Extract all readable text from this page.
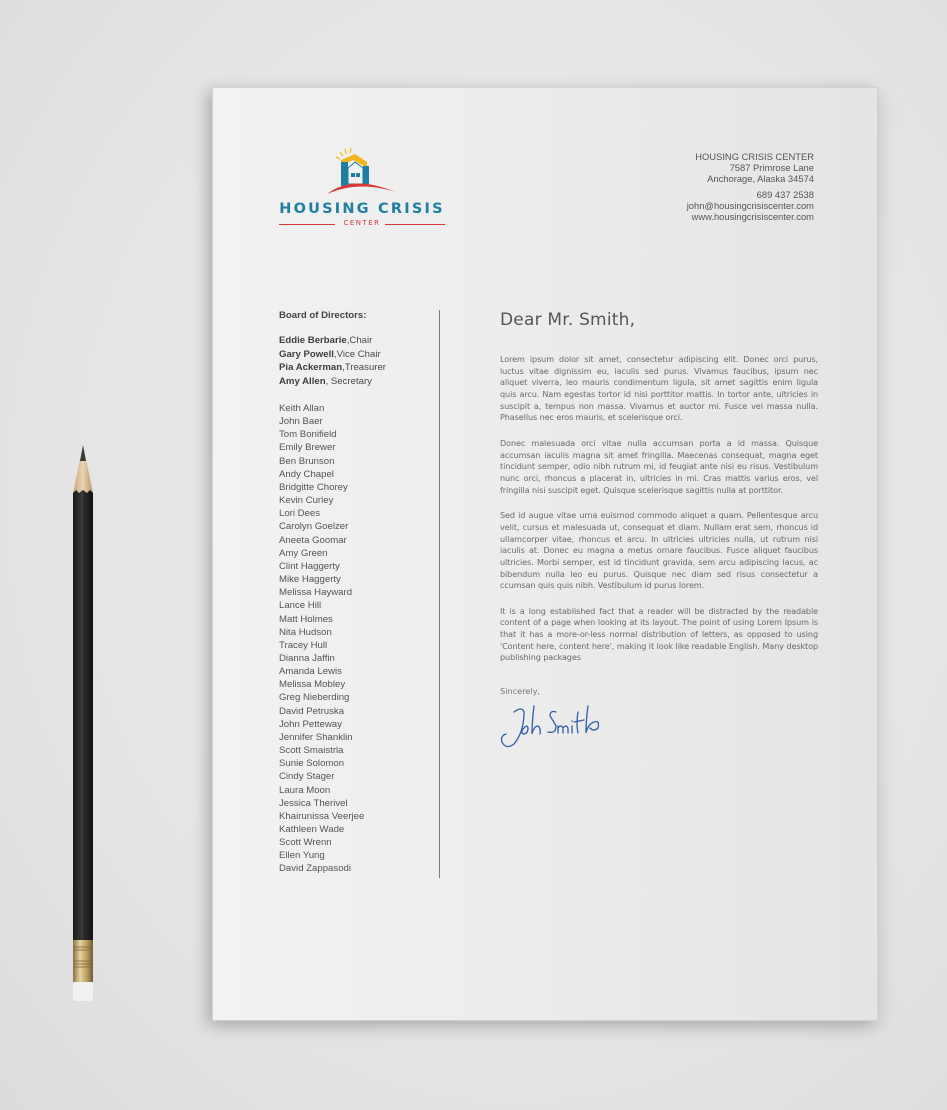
HOUSING CRISIS
CENTER
HOUSING CRISIS CENTER
7587 Primrose Lane
Anchorage, Alaska 34574
689 437 2538
john@housingcrisiscenter.com
www.housingcrisiscenter.com
Board of Directors:
Eddie Berbarie,Chair
Gary Powell,Vice Chair
Pia Ackerman,Treasurer
Amy Allen, Secretary
Keith Allan
John Baer
Tom Bonifield
Emily Brewer
Ben Brunson
Andy Chapel
Bridgitte Chorey
Kevin Curley
Lori Dees
Carolyn Goelzer
Aneeta Goomar
Amy Green
Clint Haggerty
Mike Haggerty
Melissa Hayward
Lance Hill
Matt Holmes
Nita Hudson
Tracey Hull
Dianna Jaffin
Amanda Lewis
Melissa Mobley
Greg Nieberding
David Petruska
John Petteway
Jennifer Shanklin
Scott Smaistrla
Sunie Solomon
Cindy Stager
Laura Moon
Jessica Therivel
Khairunissa Veerjee
Kathleen Wade
Scott Wrenn
Ellen Yung
David Zappasodi
Dear Mr. Smith,

Lorem ipsum dolor sit amet, consectetur adipiscing elit. Donec orci purus, luctus vitae dignissim eu, iaculis sed purus. Vivamus faucibus, ipsum nec aliquet viverra, leo mauris condimentum ligula, sit amet sagittis enim ligula quis arcu. Nam egestas tortor id nisi porttitor mattis. In tortor ante, ultricies in suscipit a, tempus non massa. Vivamus et auctor mi. Fusce vel massa nulla. Phasellus nec eros mauris, et scelerisque orci.

Donec malesuada orci vitae nulla accumsan porta a id massa. Quisque accumsan iaculis magna sit amet fringilla. Maecenas consequat, magna eget tincidunt semper, odio nibh rutrum mi, id feugiat ante nisi eu risus. Vestibulum nunc orci, rhoncus a placerat in, ultricies in mi. Cras mattis varius eros, vel fringilla nisi suscipit eget. Quisque scelerisque sagittis nulla at porttitor.

Sed id augue vitae urna euismod commodo aliquet a quam. Pellentesque arcu velit, cursus et malesuada ut, consequat et diam. Nullam erat sem, rhoncus id ullamcorper vitae, rhoncus et arcu. In ultricies ultricies nulla, ut rutrum nisi iaculis at. Donec eu magna a metus ornare faucibus. Fusce aliquet faucibus ultricies. Morbi semper, est id tincidunt gravida, sem arcu adipiscing lacus, ac bibendum nulla leo eu purus. Quisque nec diam sed risus consectetur a ccumsan quis quis nibh. Vestibulum id purus lorem.

It is a long established fact that a reader will be distracted by the readable content of a page when looking at its layout. The point of using Lorem Ipsum is that it has a more-or-less normal distribution of letters, as opposed to using 'Content here, content here', making it look like readable English. Many desktop publishing packages

Sincerely,
